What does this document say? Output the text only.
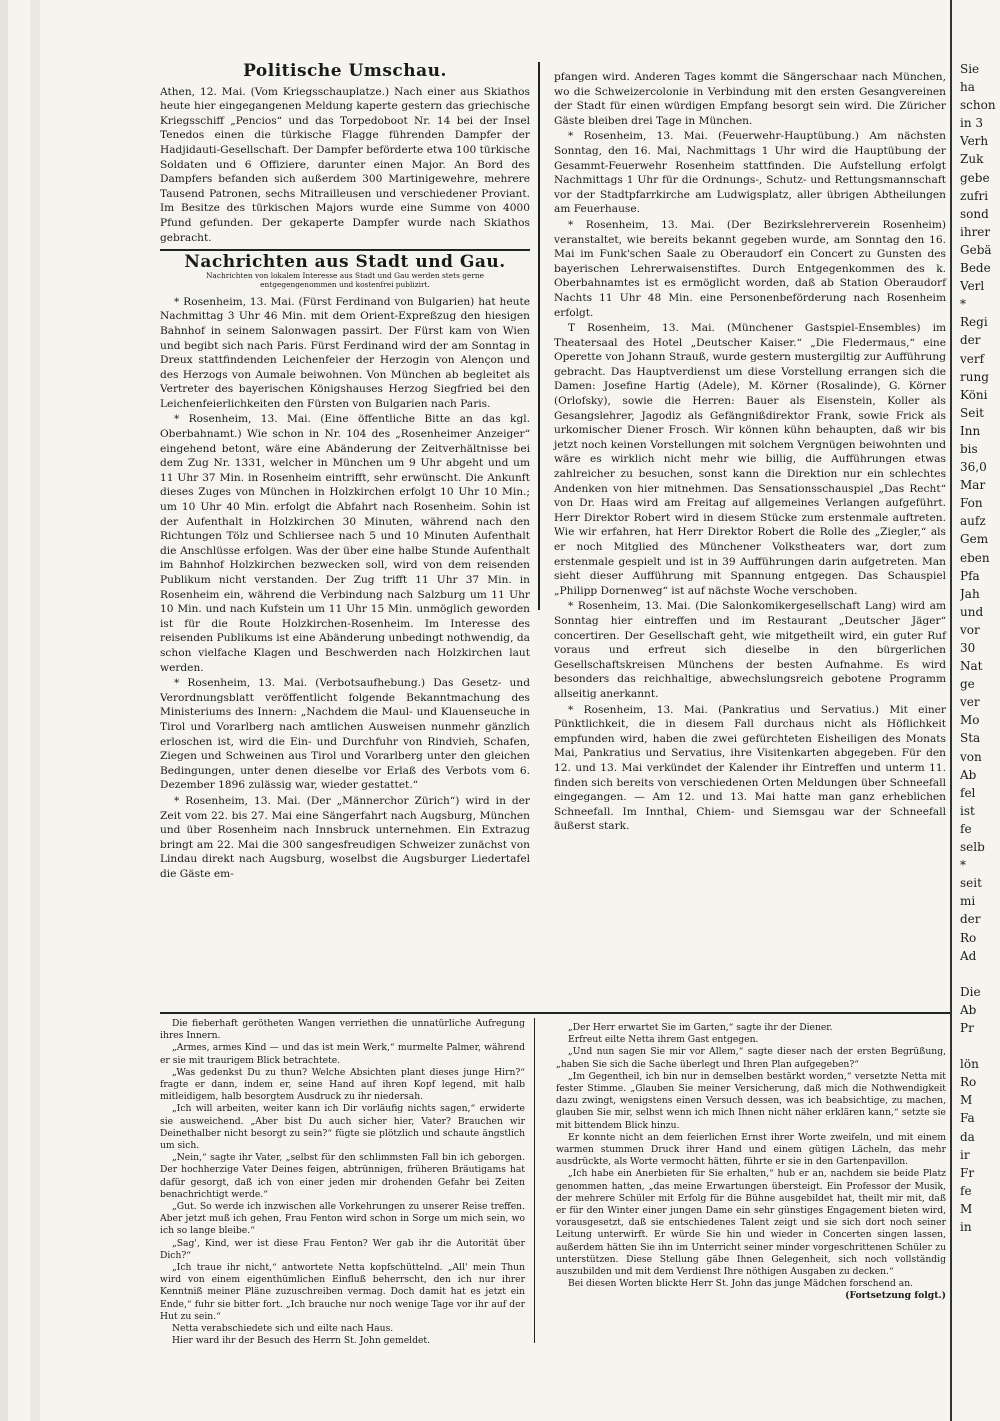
Politische Umschau.

Athen, 12. Mai. (Vom Kriegsschauplatze.) Nach einer aus Skiathos heute hier eingegangenen Meldung kaperte gestern das griechische Kriegsschiff „Pencios“ und das Torpedoboot Nr. 14 bei der Insel Tenedos einen die türkische Flagge führenden Dampfer der Hadjidauti-Gesellschaft. Der Dampfer beförderte etwa 100 türkische Soldaten und 6 Offiziere, darunter einen Major. An Bord des Dampfers befanden sich außerdem 300 Martinigewehre, mehrere Tausend Patronen, sechs Mitrailleusen und verschiedener Proviant. Im Besitze des türkischen Majors wurde eine Summe von 4000 Pfund gefunden. Der gekaperte Dampfer wurde nach Skiathos gebracht.

Nachrichten aus Stadt und Gau.
Nachrichten von lokalem Interesse aus Stadt und Gau werden stets gerne entgegengenommen und kostenfrei publizirt.

* Rosenheim, 13. Mai. (Fürst Ferdinand von Bulgarien) hat heute Nachmittag 3 Uhr 46 Min. mit dem Orient-Expreßzug den hiesigen Bahnhof in seinem Salonwagen passirt. Der Fürst kam von Wien und begibt sich nach Paris. Fürst Ferdinand wird der am Sonntag in Dreux stattfindenden Leichenfeier der Herzogin von Alençon und des Herzogs von Aumale beiwohnen. Von München ab begleitet als Vertreter des bayerischen Königshauses Herzog Siegfried bei den Leichenfeierlichkeiten den Fürsten von Bulgarien nach Paris.

* Rosenheim, 13. Mai. (Eine öffentliche Bitte an das kgl. Oberbahnamt.) Wie schon in Nr. 104 des „Rosenheimer Anzeiger“ eingehend betont, wäre eine Abänderung der Zeitverhältnisse bei dem Zug Nr. 1331, welcher in München um 9 Uhr abgeht und um 11 Uhr 37 Min. in Rosenheim eintrifft, sehr erwünscht. Die Ankunft dieses Zuges von München in Holzkirchen erfolgt 10 Uhr 10 Min.; um 10 Uhr 40 Min. erfolgt die Abfahrt nach Rosenheim. Sohin ist der Aufenthalt in Holzkirchen 30 Minuten, während nach den Richtungen Tölz und Schliersee nach 5 und 10 Minuten Aufenthalt die Anschlüsse erfolgen. Was der über eine halbe Stunde Aufenthalt im Bahnhof Holzkirchen bezwecken soll, wird von dem reisenden Publikum nicht verstanden. Der Zug trifft 11 Uhr 37 Min. in Rosenheim ein, während die Verbindung nach Salzburg um 11 Uhr 10 Min. und nach Kufstein um 11 Uhr 15 Min. unmöglich geworden ist für die Route Holzkirchen-Rosenheim. Im Interesse des reisenden Publikums ist eine Abänderung unbedingt nothwendig, da schon vielfache Klagen und Beschwerden nach Holzkirchen laut werden.

* Rosenheim, 13. Mai. (Verbotsaufhebung.) Das Gesetz- und Verordnungsblatt veröffentlicht folgende Bekanntmachung des Ministeriums des Innern: „Nachdem die Maul- und Klauenseuche in Tirol und Vorarlberg nach amtlichen Ausweisen nunmehr gänzlich erloschen ist, wird die Ein- und Durchfuhr von Rindvieh, Schafen, Ziegen und Schweinen aus Tirol und Vorarlberg unter den gleichen Bedingungen, unter denen dieselbe vor Erlaß des Verbots vom 6. Dezember 1896 zulässig war, wieder gestattet.“

* Rosenheim, 13. Mai. (Der „Männerchor Zürich“) wird in der Zeit vom 22. bis 27. Mai eine Sängerfahrt nach Augsburg, München und über Rosenheim nach Innsbruck unternehmen. Ein Extrazug bringt am 22. Mai die 300 sangesfreudigen Schweizer zunächst von Lindau direkt nach Augsburg, woselbst die Augsburger Liedertafel die Gäste em-

pfangen wird. Anderen Tages kommt die Sängerschaar nach München, wo die Schweizercolonie in Verbindung mit den ersten Gesangvereinen der Stadt für einen würdigen Empfang besorgt sein wird. Die Züricher Gäste bleiben drei Tage in München.

* Rosenheim, 13. Mai. (Feuerwehr-Hauptübung.) Am nächsten Sonntag, den 16. Mai, Nachmittags 1 Uhr wird die Hauptübung der Gesammt-Feuerwehr Rosenheim stattfinden. Die Aufstellung erfolgt Nachmittags 1 Uhr für die Ordnungs-, Schutz- und Rettungsmannschaft vor der Stadtpfarrkirche am Ludwigsplatz, aller übrigen Abtheilungen am Feuerhause.

* Rosenheim, 13. Mai. (Der Bezirkslehrerverein Rosenheim) veranstaltet, wie bereits bekannt gegeben wurde, am Sonntag den 16. Mai im Funk'schen Saale zu Oberaudorf ein Concert zu Gunsten des bayerischen Lehrerwaisenstiftes. Durch Entgegenkommen des k. Oberbahnamtes ist es ermöglicht worden, daß ab Station Oberaudorf Nachts 11 Uhr 48 Min. eine Personenbeförderung nach Rosenheim erfolgt.

T Rosenheim, 13. Mai. (Münchener Gastspiel-Ensembles) im Theatersaal des Hotel „Deutscher Kaiser.“ „Die Fledermaus,“ eine Operette von Johann Strauß, wurde gestern mustergiltig zur Aufführung gebracht. Das Hauptverdienst um diese Vorstellung errangen sich die Damen: Josefine Hartig (Adele), M. Körner (Rosalinde), G. Körner (Orlofsky), sowie die Herren: Bauer als Eisenstein, Koller als Gesangslehrer, Jagodiz als Gefängnißdirektor Frank, sowie Frick als urkomischer Diener Frosch. Wir können kühn behaupten, daß wir bis jetzt noch keinen Vorstellungen mit solchem Vergnügen beiwohnten und wäre es wirklich nicht mehr wie billig, die Aufführungen etwas zahlreicher zu besuchen, sonst kann die Direktion nur ein schlechtes Andenken von hier mitnehmen. Das Sensationsschauspiel „Das Recht“ von Dr. Haas wird am Freitag auf allgemeines Verlangen aufgeführt. Herr Direktor Robert wird in diesem Stücke zum erstenmale auftreten. Wie wir erfahren, hat Herr Direktor Robert die Rolle des „Ziegler,“ als er noch Mitglied des Münchener Volkstheaters war, dort zum erstenmale gespielt und ist in 39 Aufführungen darin aufgetreten. Man sieht dieser Aufführung mit Spannung entgegen. Das Schauspiel „Philipp Dornenweg“ ist auf nächste Woche verschoben.

* Rosenheim, 13. Mai. (Die Salonkomikergesellschaft Lang) wird am Sonntag hier eintreffen und im Restaurant „Deutscher Jäger“ concertiren. Der Gesellschaft geht, wie mitgetheilt wird, ein guter Ruf voraus und erfreut sich dieselbe in den bürgerlichen Gesellschaftskreisen Münchens der besten Aufnahme. Es wird besonders das reichhaltige, abwechslungsreich gebotene Programm allseitig anerkannt.

* Rosenheim, 13. Mai. (Pankratius und Servatius.) Mit einer Pünktlichkeit, die in diesem Fall durchaus nicht als Höflichkeit empfunden wird, haben die zwei gefürchteten Eisheiligen des Monats Mai, Pankratius und Servatius, ihre Visitenkarten abgegeben. Für den 12. und 13. Mai verkündet der Kalender ihr Eintreffen und unterm 11. finden sich bereits von verschiedenen Orten Meldungen über Schneefall eingegangen. — Am 12. und 13. Mai hatte man ganz erheblichen Schneefall. Im Innthal, Chiem- und Siemsgau war der Schneefall äußerst stark.

Die fieberhaft gerötheten Wangen verriethen die unnatürliche Aufregung ihres Innern.

„Armes, armes Kind — und das ist mein Werk,“ murmelte Palmer, während er sie mit traurigem Blick betrachtete.

„Was gedenkst Du zu thun? Welche Absichten plant dieses junge Hirn?“ fragte er dann, indem er, seine Hand auf ihren Kopf legend, mit halb mitleidigem, halb besorgtem Ausdruck zu ihr niedersah.

„Ich will arbeiten, weiter kann ich Dir vorläufig nichts sagen,“ erwiderte sie ausweichend. „Aber bist Du auch sicher hier, Vater? Brauchen wir Deinethalber nicht besorgt zu sein?“ fügte sie plötzlich und schaute ängstlich um sich.

„Nein,“ sagte ihr Vater, „selbst für den schlimmsten Fall bin ich geborgen. Der hochherzige Vater Deines feigen, abtrünnigen, früheren Bräutigams hat dafür gesorgt, daß ich von einer jeden mir drohenden Gefahr bei Zeiten benachrichtigt werde.“

„Gut. So werde ich inzwischen alle Vorkehrungen zu unserer Reise treffen. Aber jetzt muß ich gehen, Frau Fenton wird schon in Sorge um mich sein, wo ich so lange bleibe.“

„Sag', Kind, wer ist diese Frau Fenton? Wer gab ihr die Autorität über Dich?“

„Ich traue ihr nicht,“ antwortete Netta kopfschüttelnd. „All' mein Thun wird von einem eigenthümlichen Einfluß beherrscht, den ich nur ihrer Kenntniß meiner Pläne zuzuschreiben vermag. Doch damit hat es jetzt ein Ende,“ fuhr sie bitter fort. „Ich brauche nur noch wenige Tage vor ihr auf der Hut zu sein.“

Netta verabschiedete sich und eilte nach Haus.

Hier ward ihr der Besuch des Herrn St. John gemeldet.

„Der Herr erwartet Sie im Garten,“ sagte ihr der Diener.

Erfreut eilte Netta ihrem Gast entgegen.

„Und nun sagen Sie mir vor Allem,“ sagte dieser nach der ersten Begrüßung, „haben Sie sich die Sache überlegt und Ihren Plan aufgegeben?“

„Im Gegentheil, ich bin nur in demselben bestärkt worden,“ versetzte Netta mit fester Stimme. „Glauben Sie meiner Versicherung, daß mich die Nothwendigkeit dazu zwingt, wenigstens einen Versuch dessen, was ich beabsichtige, zu machen, glauben Sie mir, selbst wenn ich mich Ihnen nicht näher erklären kann,“ setzte sie mit bittendem Blick hinzu.

Er konnte nicht an dem feierlichen Ernst ihrer Worte zweifeln, und mit einem warmen stummen Druck ihrer Hand und einem gütigen Lächeln, das mehr ausdrückte, als Worte vermocht hätten, führte er sie in den Gartenpavillon.

„Ich habe ein Anerbieten für Sie erhalten,“ hub er an, nachdem sie beide Platz genommen hatten, „das meine Erwartungen übersteigt. Ein Professor der Musik, der mehrere Schüler mit Erfolg für die Bühne ausgebildet hat, theilt mir mit, daß er für den Winter einer jungen Dame ein sehr günstiges Engagement bieten wird, vorausgesetzt, daß sie entschiedenes Talent zeigt und sie sich dort noch seiner Leitung unterwirft. Er würde Sie hin und wieder in Concerten singen lassen, außerdem hätten Sie ihn im Unterricht seiner minder vorgeschrittenen Schüler zu unterstützen. Diese Stellung gäbe Ihnen Gelegenheit, sich noch vollständig auszubilden und mit dem Verdienst Ihre nöthigen Ausgaben zu decken.“

Bei diesen Worten blickte Herr St. John das junge Mädchen forschend an.

(Fortsetzung folgt.)
Sie
ha
schon
in 3
Verh
Zuk
gebe
zufri
sond
ihrer
Gebä
Bede
Verl
*
Regi
der
verf
rung
Köni
Seit
Inn
bis
36,0
Mar
Fon
aufz
Gem
eben
Pfa
Jah
und
vor
30
Nat
ge
ver
Mo
Sta
von
Ab
fel
ist
fe
selb
*
seit
mi
der
Ro
Ad
Die
Ab
Pr
lön
Ro
M
Fa
da
ir
Fr
fe
M
in
